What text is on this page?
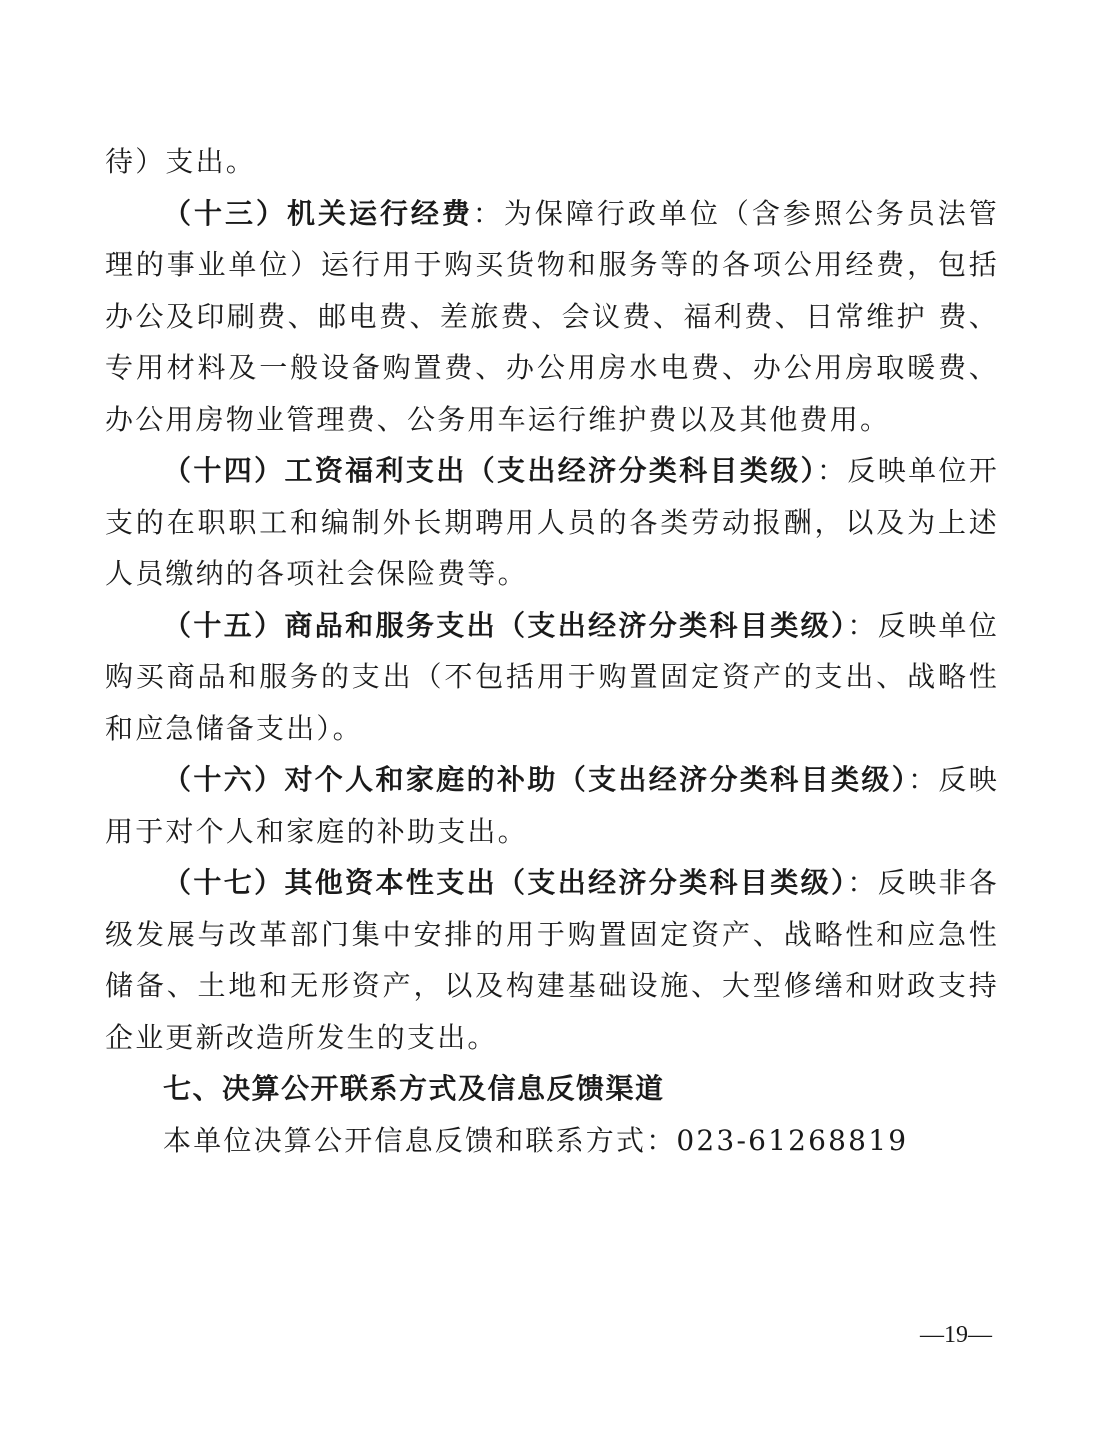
待）支出。

（十三）机关运行经费：为保障行政单位（含参照公务员法管理的事业单位）运行用于购买货物和服务等的各项公用经费，包括办公及印刷费、邮电费、差旅费、会议费、福利费、日常维护 费、专用材料及一般设备购置费、办公用房水电费、办公用房取暖费、办公用房物业管理费、公务用车运行维护费以及其他费用。

（十四）工资福利支出（支出经济分类科目类级）：反映单位开支的在职职工和编制外长期聘用人员的各类劳动报酬，以及为上述人员缴纳的各项社会保险费等。

（十五）商品和服务支出（支出经济分类科目类级）：反映单位购买商品和服务的支出（不包括用于购置固定资产的支出、战略性和应急储备支出）。

（十六）对个人和家庭的补助（支出经济分类科目类级）：反映用于对个人和家庭的补助支出。

（十七）其他资本性支出（支出经济分类科目类级）：反映非各级发展与改革部门集中安排的用于购置固定资产、战略性和应急性储备、土地和无形资产，以及构建基础设施、大型修缮和财政支持企业更新改造所发生的支出。

七、决算公开联系方式及信息反馈渠道

本单位决算公开信息反馈和联系方式：023-61268819

—19—
